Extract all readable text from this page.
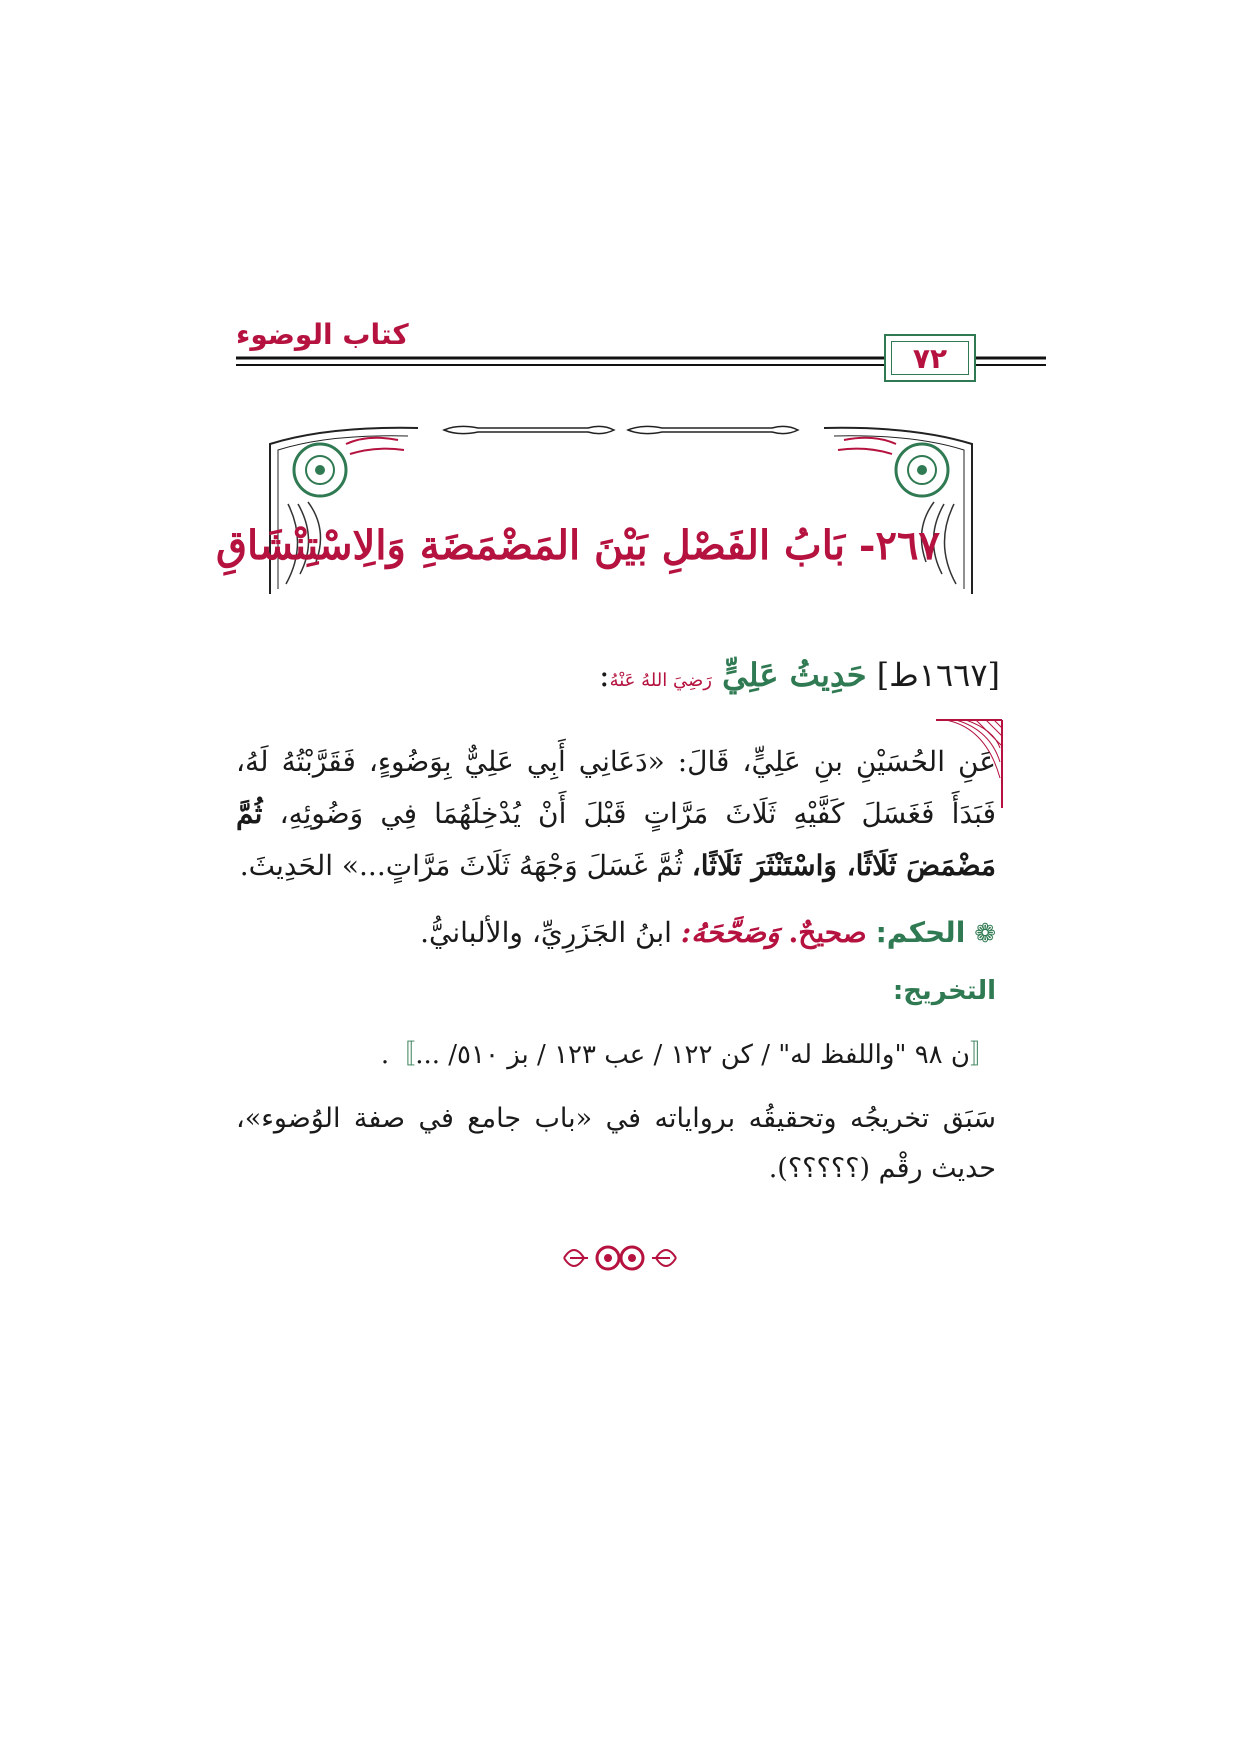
كتاب الوضوء
٧٢
٢٦٧- بَابُ الفَصْلِ بَيْنَ المَضْمَضَةِ وَالِاسْتِنْشَاقِ
[١٦٦٧ط] حَدِيثُ عَلِيٍّ رَضِيَ اللهُ عَنْهُ:
عَنِ الحُسَيْنِ بنِ عَلِيٍّ، قَالَ: «دَعَانِي أَبِي عَلِيٌّ بِوَضُوءٍ، فَقَرَّبْتُهُ لَهُ، فَبَدَأَ فَغَسَلَ كَفَّيْهِ ثَلَاثَ مَرَّاتٍ قَبْلَ أَنْ يُدْخِلَهُمَا فِي وَضُوئِهِ، ثُمَّ مَضْمَضَ ثَلَاثًا، وَاسْتَنْثَرَ ثَلَاثًا، ثُمَّ غَسَلَ وَجْهَهُ ثَلَاثَ مَرَّاتٍ...» الحَدِيثَ.
❁ الحكم: صحيحٌ. وَصَحَّحَهُ: ابنُ الجَزَرِيِّ، والألبانيُّ.
التخريج:
〚ن ٩٨ "واللفظ له" / كن ١٢٢ / عب ١٢٣ / بز ٥١٠/ ...〛.
سَبَق تخريجُه وتحقيقُه برواياته في «باب جامع في صفة الوُضوء»، حديث رقْم (؟؟؟؟؟).
